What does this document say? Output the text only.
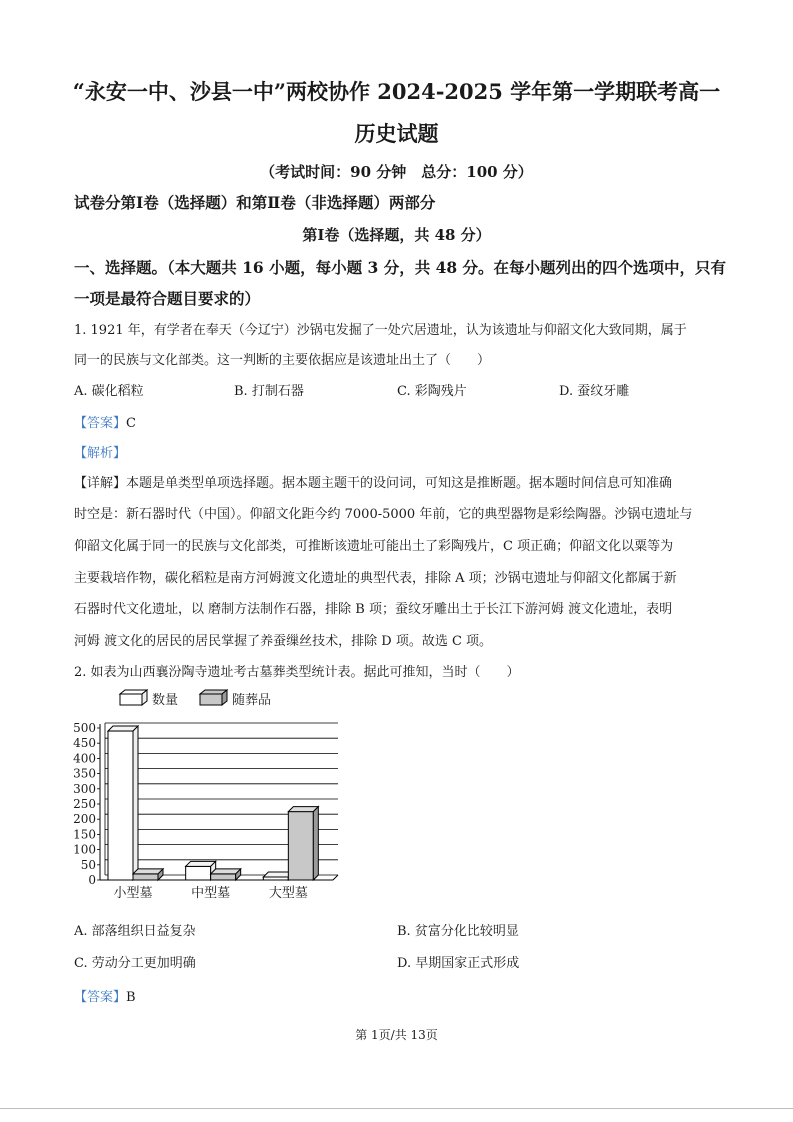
“永安一中、沙县一中”两校协作 2024-2025 学年第一学期联考高一
历史试题
（考试时间：90 分钟　总分：100 分）
试卷分第Ⅰ卷（选择题）和第Ⅱ卷（非选择题）两部分
第Ⅰ卷（选择题，共 48 分）
一、选择题。（本大题共 16 小题，每小题 3 分，共 48 分。在每小题列出的四个选项中，只有
一项是最符合题目要求的）
1. 1921 年，有学者在奉天（今辽宁）沙锅屯发掘了一处穴居遗址，认为该遗址与仰韶文化大致同期，属于
同一的民族与文化部类。这一判断的主要依据应是该遗址出土了（　　）
A. 碳化稻粒	B. 打制石器	C. 彩陶残片	D. 蚕纹牙雕
【答案】C
【解析】
【详解】本题是单类型单项选择题。据本题主题干的设问词，可知这是推断题。据本题时间信息可知准确
时空是：新石器时代（中国）。仰韶文化距今约 7000-5000 年前，它的典型器物是彩绘陶器。沙锅屯遗址与
仰韶文化属于同一的民族与文化部类，可推断该遗址可能出土了彩陶残片，C 项正确；仰韶文化以粟等为
主要栽培作物，碳化稻粒是南方河姆渡文化遗址的典型代表，排除 A 项；沙锅屯遗址与仰韶文化都属于新
石器时代文化遗址，以 磨制方法制作石器，排除 B 项；蚕纹牙雕出土于长江下游河姆 渡文化遗址，表明
河姆 渡文化的居民的居民掌握了养蚕缫丝技术，排除 D 项。故选 C 项。
2. 如表为山西襄汾陶寺遗址考古墓葬类型统计表。据此可推知，当时（　　）
数量	随葬品
0
50
100
150
200
250
300
350
400
450
500
小型墓	中型墓	大型墓
A. 部落组织日益复杂	B. 贫富分化比较明显
C. 劳动分工更加明确	D. 早期国家正式形成
【答案】B
第 1页/共 13页
